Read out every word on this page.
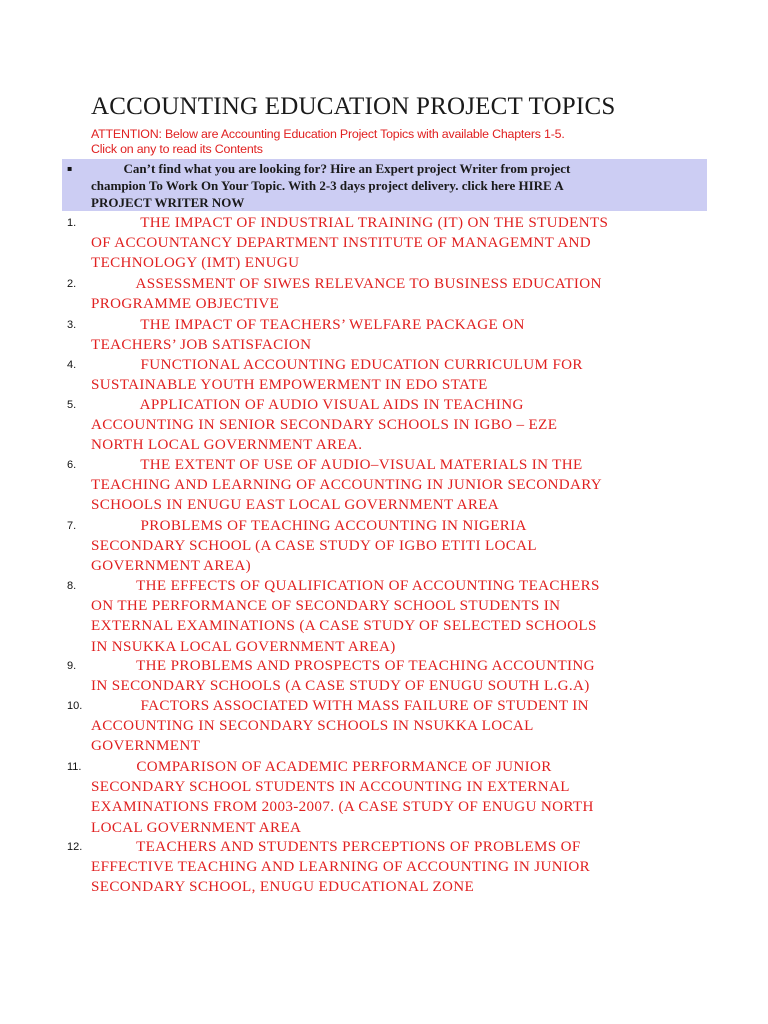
ACCOUNTING EDUCATION PROJECT TOPICS
ATTENTION: Below are Accounting Education Project Topics with available Chapters 1-5.
Click on any to read its Contents
▪ Can’t find what you are looking for? Hire an Expert project Writer from project
champion To Work On Your Topic. With 2-3 days project delivery. click here HIRE A
PROJECT WRITER NOW
1. THE IMPACT OF INDUSTRIAL TRAINING (IT) ON THE STUDENTS
OF ACCOUNTANCY DEPARTMENT INSTITUTE OF MANAGEMNT AND
TECHNOLOGY (IMT) ENUGU
2. ASSESSMENT OF SIWES RELEVANCE TO BUSINESS EDUCATION
PROGRAMME OBJECTIVE
3. THE IMPACT OF TEACHERS’ WELFARE PACKAGE ON
TEACHERS’ JOB SATISFACION
4. FUNCTIONAL ACCOUNTING EDUCATION CURRICULUM FOR
SUSTAINABLE YOUTH EMPOWERMENT IN EDO STATE
5. APPLICATION OF AUDIO VISUAL AIDS IN TEACHING
ACCOUNTING IN SENIOR SECONDARY SCHOOLS IN IGBO – EZE
NORTH LOCAL GOVERNMENT AREA.
6. THE EXTENT OF USE OF AUDIO–VISUAL MATERIALS IN THE
TEACHING AND LEARNING OF ACCOUNTING IN JUNIOR SECONDARY
SCHOOLS IN ENUGU EAST LOCAL GOVERNMENT AREA
7. PROBLEMS OF TEACHING ACCOUNTING IN NIGERIA
SECONDARY SCHOOL (A CASE STUDY OF IGBO ETITI LOCAL
GOVERNMENT AREA)
8. THE EFFECTS OF QUALIFICATION OF ACCOUNTING TEACHERS
ON THE PERFORMANCE OF SECONDARY SCHOOL STUDENTS IN
EXTERNAL EXAMINATIONS (A CASE STUDY OF SELECTED SCHOOLS
IN NSUKKA LOCAL GOVERNMENT AREA)
9. THE PROBLEMS AND PROSPECTS OF TEACHING ACCOUNTING
IN SECONDARY SCHOOLS (A CASE STUDY OF ENUGU SOUTH L.G.A)
10. FACTORS ASSOCIATED WITH MASS FAILURE OF STUDENT IN
ACCOUNTING IN SECONDARY SCHOOLS IN NSUKKA LOCAL
GOVERNMENT
11. COMPARISON OF ACADEMIC PERFORMANCE OF JUNIOR
SECONDARY SCHOOL STUDENTS IN ACCOUNTING IN EXTERNAL
EXAMINATIONS FROM 2003-2007. (A CASE STUDY OF ENUGU NORTH
LOCAL GOVERNMENT AREA
12. TEACHERS AND STUDENTS PERCEPTIONS OF PROBLEMS OF
EFFECTIVE TEACHING AND LEARNING OF ACCOUNTING IN JUNIOR
SECONDARY SCHOOL, ENUGU EDUCATIONAL ZONE
